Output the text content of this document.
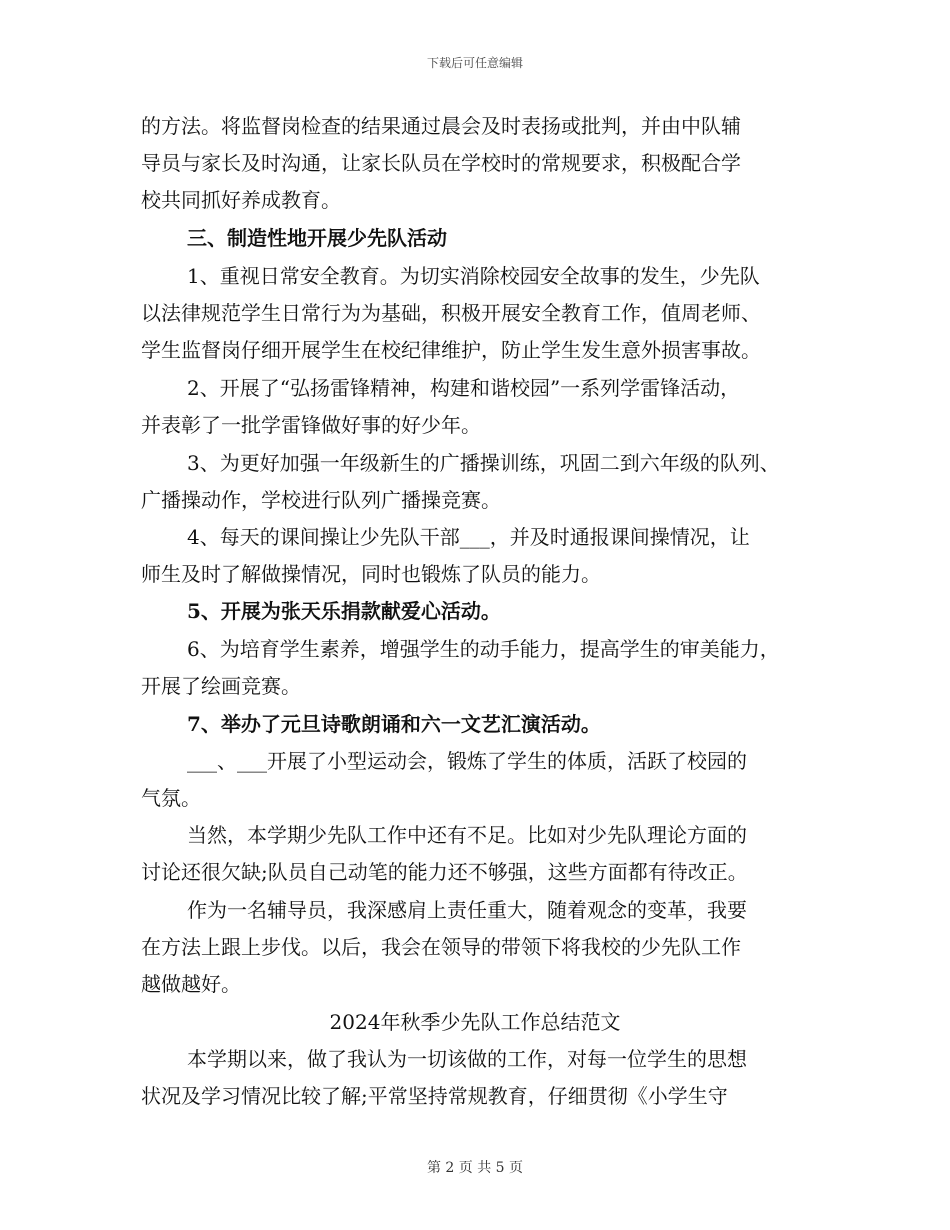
下载后可任意编辑
的方法。将监督岗检查的结果通过晨会及时表扬或批判，并由中队辅
导员与家长及时沟通，让家长队员在学校时的常规要求，积极配合学
校共同抓好养成教育。
三、制造性地开展少先队活动
1、重视日常安全教育。为切实消除校园安全故事的发生，少先队
以法律规范学生日常行为为基础，积极开展安全教育工作，值周老师、
学生监督岗仔细开展学生在校纪律维护，防止学生发生意外损害事故。
2、开展了“弘扬雷锋精神，构建和谐校园”一系列学雷锋活动，
并表彰了一批学雷锋做好事的好少年。
3、为更好加强一年级新生的广播操训练，巩固二到六年级的队列、
广播操动作，学校进行队列广播操竞赛。
4、每天的课间操让少先队干部___，并及时通报课间操情况，让
师生及时了解做操情况，同时也锻炼了队员的能力。
5、开展为张天乐捐款献爱心活动。
6、为培育学生素养，增强学生的动手能力，提高学生的审美能力，
开展了绘画竞赛。
7、举办了元旦诗歌朗诵和六一文艺汇演活动。
___、___开展了小型运动会，锻炼了学生的体质，活跃了校园的
气氛。
当然，本学期少先队工作中还有不足。比如对少先队理论方面的
讨论还很欠缺;队员自己动笔的能力还不够强，这些方面都有待改正。
作为一名辅导员，我深感肩上责任重大，随着观念的变革，我要
在方法上跟上步伐。以后，我会在领导的带领下将我校的少先队工作
越做越好。
2024年秋季少先队工作总结范文
本学期以来，做了我认为一切该做的工作，对每一位学生的思想
状况及学习情况比较了解;平常坚持常规教育，仔细贯彻《小学生守
第 2 页 共 5 页
